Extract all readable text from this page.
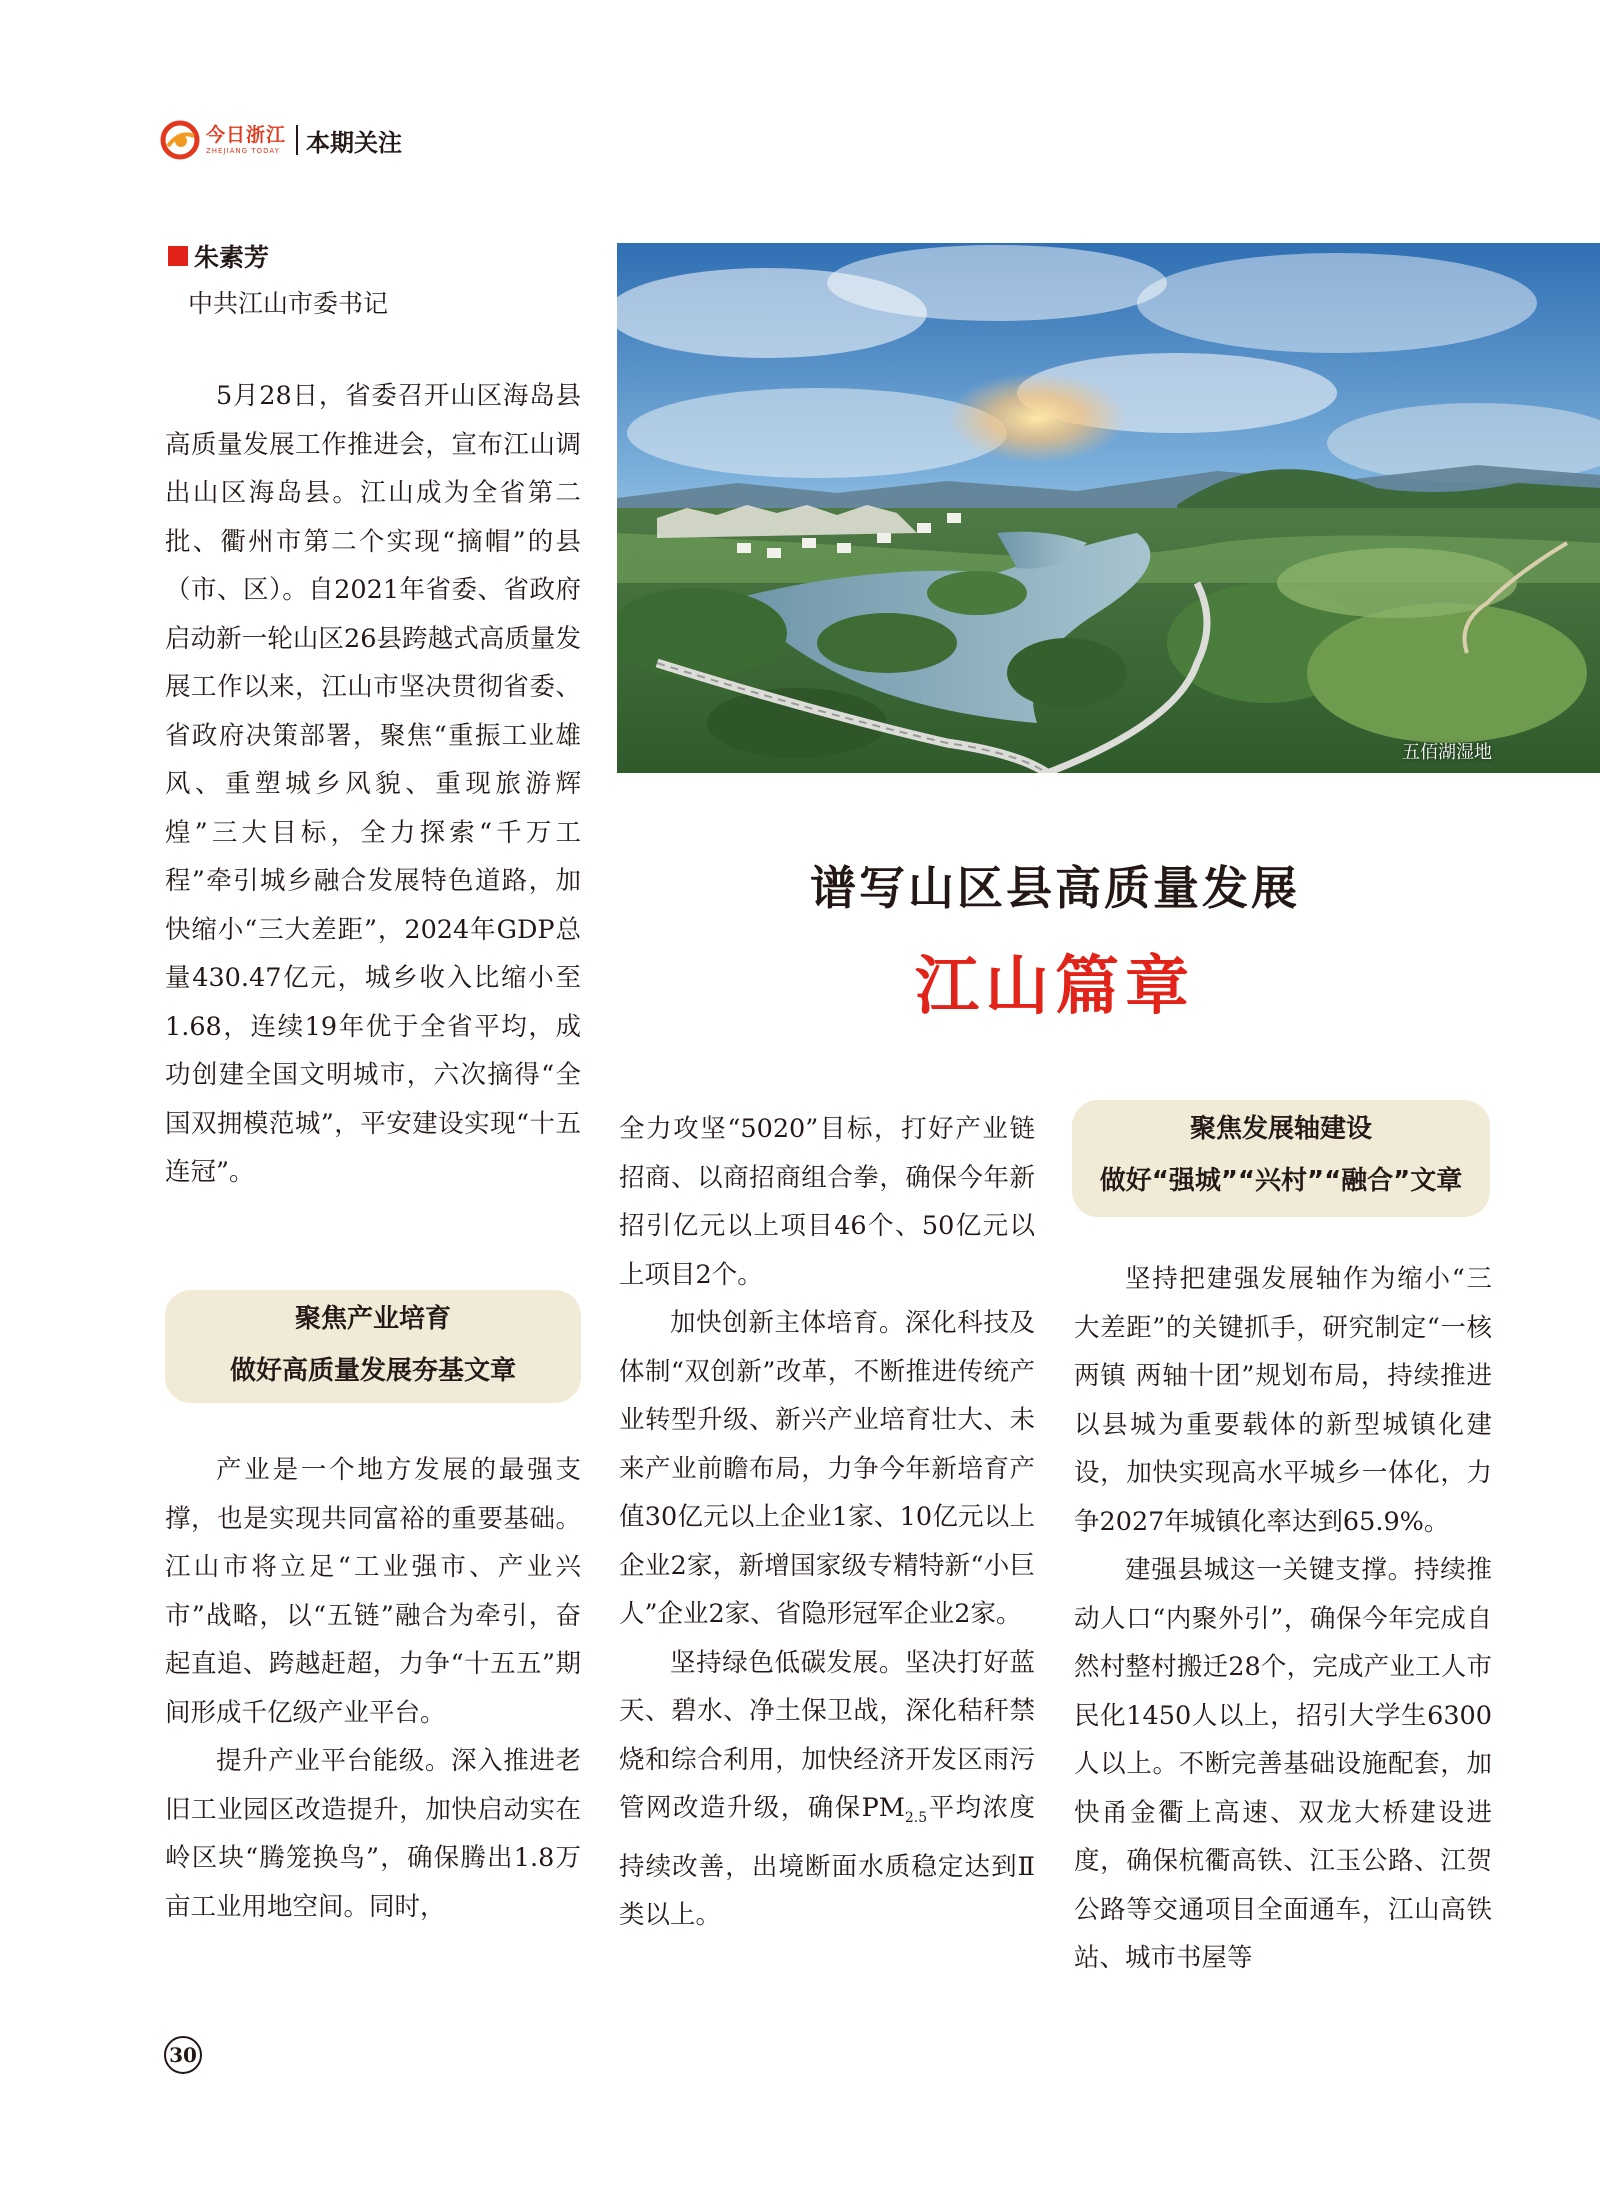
今日浙江
ZHEJIANG TODAY 本期关注
朱素芳
中共江山市委书记
五佰湖湿地
谱写山区县高质量发展
江山篇章

5月28日，省委召开山区海岛县高质量发展工作推进会，宣布江山调出山区海岛县。江山成为全省第二批、衢州市第二个实现“摘帽”的县（市、区）。自2021年省委、省政府启动新一轮山区26县跨越式高质量发展工作以来，江山市坚决贯彻省委、省政府决策部署，聚焦“重振工业雄风、重塑城乡风貌、重现旅游辉煌”三大目标，全力探索“千万工程”牵引城乡融合发展特色道路，加快缩小“三大差距”，2024年GDP总量430.47亿元，城乡收入比缩小至1.68，连续19年优于全省平均，成功创建全国文明城市，六次摘得“全国双拥模范城”，平安建设实现“十五连冠”。

聚焦产业培育
做好高质量发展夯基文章

产业是一个地方发展的最强支撑，也是实现共同富裕的重要基础。江山市将立足“工业强市、产业兴市”战略，以“五链”融合为牵引，奋起直追、跨越赶超，力争“十五五”期间形成千亿级产业平台。

提升产业平台能级。深入推进老旧工业园区改造提升，加快启动实在岭区块“腾笼换鸟”，确保腾出1.8万亩工业用地空间。同时，

全力攻坚“5020”目标，打好产业链招商、以商招商组合拳，确保今年新招引亿元以上项目46个、50亿元以上项目2个。

加快创新主体培育。深化科技及体制“双创新”改革，不断推进传统产业转型升级、新兴产业培育壮大、未来产业前瞻布局，力争今年新培育产值30亿元以上企业1家、10亿元以上企业2家，新增国家级专精特新“小巨人”企业2家、省隐形冠军企业2家。

坚持绿色低碳发展。坚决打好蓝天、碧水、净土保卫战，深化秸秆禁烧和综合利用，加快经济开发区雨污管网改造升级，确保$PM_{2.5}$平均浓度持续改善，出境断面水质稳定达到Ⅱ类以上。

聚焦发展轴建设
做好“强城”“兴村”“融合”文章

坚持把建强发展轴作为缩小“三大差距”的关键抓手，研究制定“一核两镇 两轴十团”规划布局，持续推进以县城为重要载体的新型城镇化建设，加快实现高水平城乡一体化，力争2027年城镇化率达到65.9%。

建强县城这一关键支撑。持续推动人口“内聚外引”，确保今年完成自然村整村搬迁28个，完成产业工人市民化1450人以上，招引大学生6300人以上。不断完善基础设施配套，加快甬金衢上高速、双龙大桥建设进度，确保杭衢高铁、江玉公路、江贺公路等交通项目全面通车，江山高铁站、城市书屋等

30
